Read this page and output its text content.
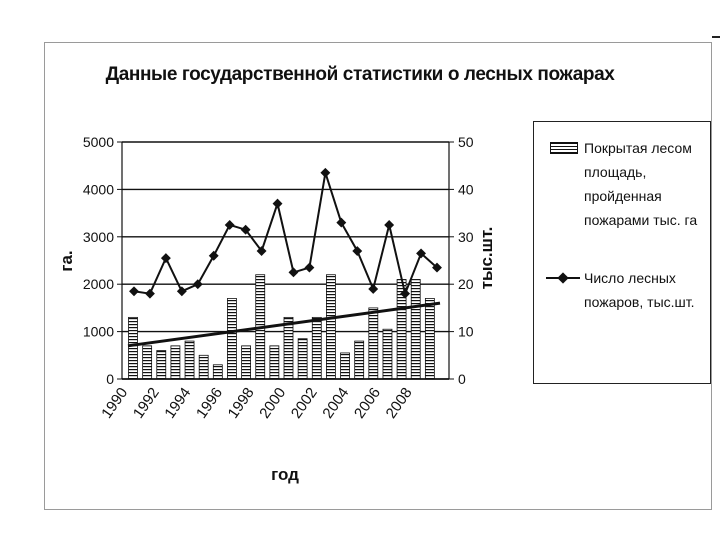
Данные государственной статистики о лесных пожарах
5000	50
4000	40
3000	30
2000	20
1000	10
0	0
1990
1992
1994
1996
1998
2000
2002
2004
2006
2008
га.	тыс.шт.
год
Покрытая лесом площадь, пройденная пожарами тыс. га
Число лесных пожаров, тыс.шт.
